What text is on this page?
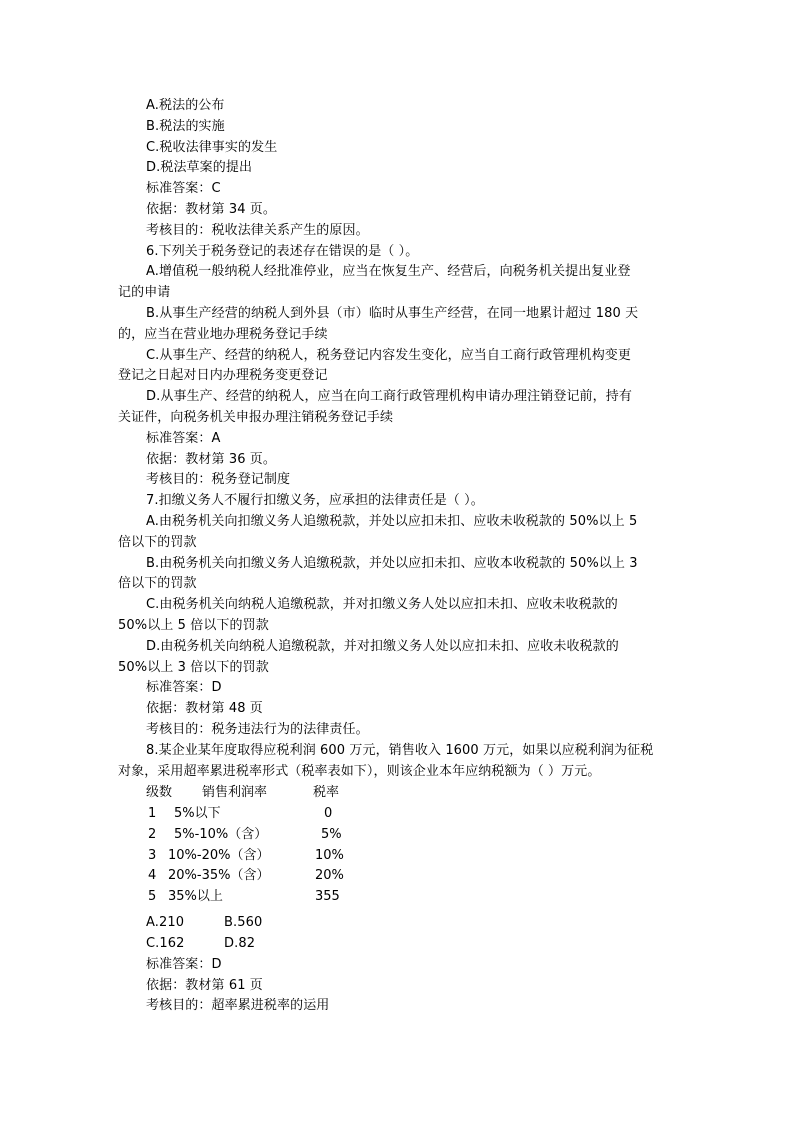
A.税法的公布
B.税法的实施
C.税收法律事实的发生
D.税法草案的提出
标准答案：C
依据：教材第 34 页。
考核目的：税收法律关系产生的原因。
6.下列关于税务登记的表述存在错误的是（ ）。
A.增值税一般纳税人经批准停业，应当在恢复生产、经营后，向税务机关提出复业登
记的申请
B.从事生产经营的纳税人到外县（市）临时从事生产经营，在同一地累计超过 180 天
的，应当在营业地办理税务登记手续
C.从事生产、经营的纳税人，税务登记内容发生变化，应当自工商行政管理机构变更
登记之日起对日内办理税务变更登记
D.从事生产、经营的纳税人，应当在向工商行政管理机构申请办理注销登记前，持有
关证件，向税务机关申报办理注销税务登记手续
标准答案：A
依据：教材第 36 页。
考核目的：税务登记制度
7.扣缴义务人不履行扣缴义务，应承担的法律责任是（ ）。
A.由税务机关向扣缴义务人追缴税款，并处以应扣未扣、应收未收税款的 50%以上 5
倍以下的罚款
B.由税务机关向扣缴义务人追缴税款，并处以应扣未扣、应收本收税款的 50%以上 3
倍以下的罚款
C.由税务机关向纳税人追缴税款，并对扣缴义务人处以应扣未扣、应收未收税款的
50%以上 5 倍以下的罚款
D.由税务机关向纳税人追缴税款，并对扣缴义务人处以应扣未扣、应收未收税款的
50%以上 3 倍以下的罚款
标准答案：D
依据：教材第 48 页
考核目的：税务违法行为的法律责任。
8.某企业某年度取得应税利润 600 万元，销售收入 1600 万元，如果以应税利润为征税
对象，采用超率累进税率形式（税率表如下），则该企业本年应纳税额为（ ）万元。
级数 销售利润率	税率
1 5%以下	0
2 5%-10%（含）	5%
3 10%-20%（含）	10%
4 20%-35%（含）	20%
5 35%以上	355
A.210	B.560
C.162	D.82
标准答案：D
依据：教材第 61 页
考核目的：超率累进税率的运用
